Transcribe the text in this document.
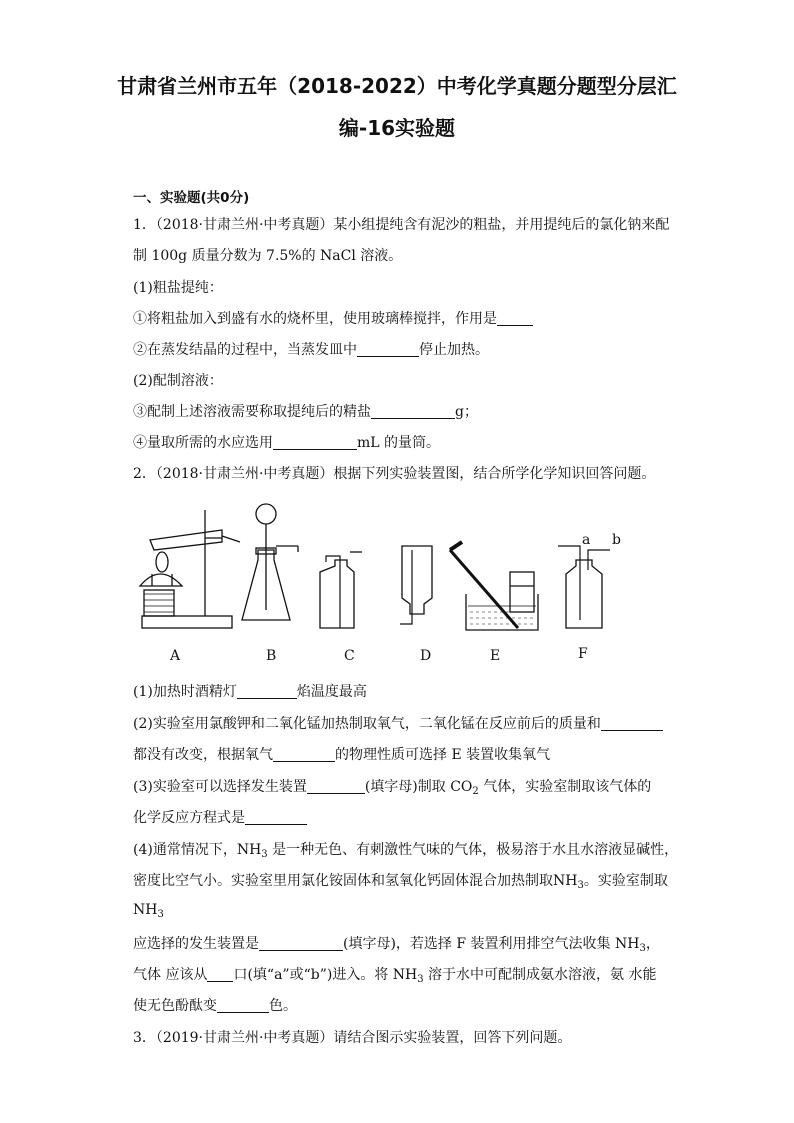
甘肃省兰州市五年（2018-2022）中考化学真题分题型分层汇
编-16实验题
一、实验题(共0分)
1．（2018·甘肃兰州·中考真题）某小组提纯含有泥沙的粗盐，并用提纯后的氯化钠来配
制 100g 质量分数为 7.5%的 NaCl 溶液。
(1)粗盐提纯：
①将粗盐加入到盛有水的烧杯里，使用玻璃棒搅拌，作用是
②在蒸发结晶的过程中，当蒸发皿中	停止加热。
(2)配制溶液：
③配制上述溶液需要称取提纯后的精盐	g；
④量取所需的水应选用	mL 的量筒。
2．（2018·甘肃兰州·中考真题）根据下列实验装置图，结合所学化学知识回答问题。
a b
A	B	C	D	E	F
(1)加热时酒精灯	焰温度最高
(2)实验室用氯酸钾和二氧化锰加热制取氧气，二氧化锰在反应前后的质量和
都没有改变，根据氧气	的物理性质可选择 E 装置收集氧气
(3)实验室可以选择发生装置	(填字母)制取 $CO_2$ 气体，实验室制取该气体的
化学反应方程式是
(4)通常情况下，$NH_3$ 是一种无色、有刺激性气味的气体，极易溶于水且水溶液显碱性，
密度比空气小。实验室里用氯化铵固体和氢氧化钙固体混合加热制取$NH_3$。实验室制取
$NH_3$
应选择的发生装置是	(填字母)，若选择 F 装置利用排空气法收集 $NH_3$，
气体 应该从 口(填“a”或“b”)进入。将 $NH_3$ 溶于水中可配制成氨水溶液，氨 水能
使无色酚酞变	色。
3．（2019·甘肃兰州·中考真题）请结合图示实验装置，回答下列问题。
